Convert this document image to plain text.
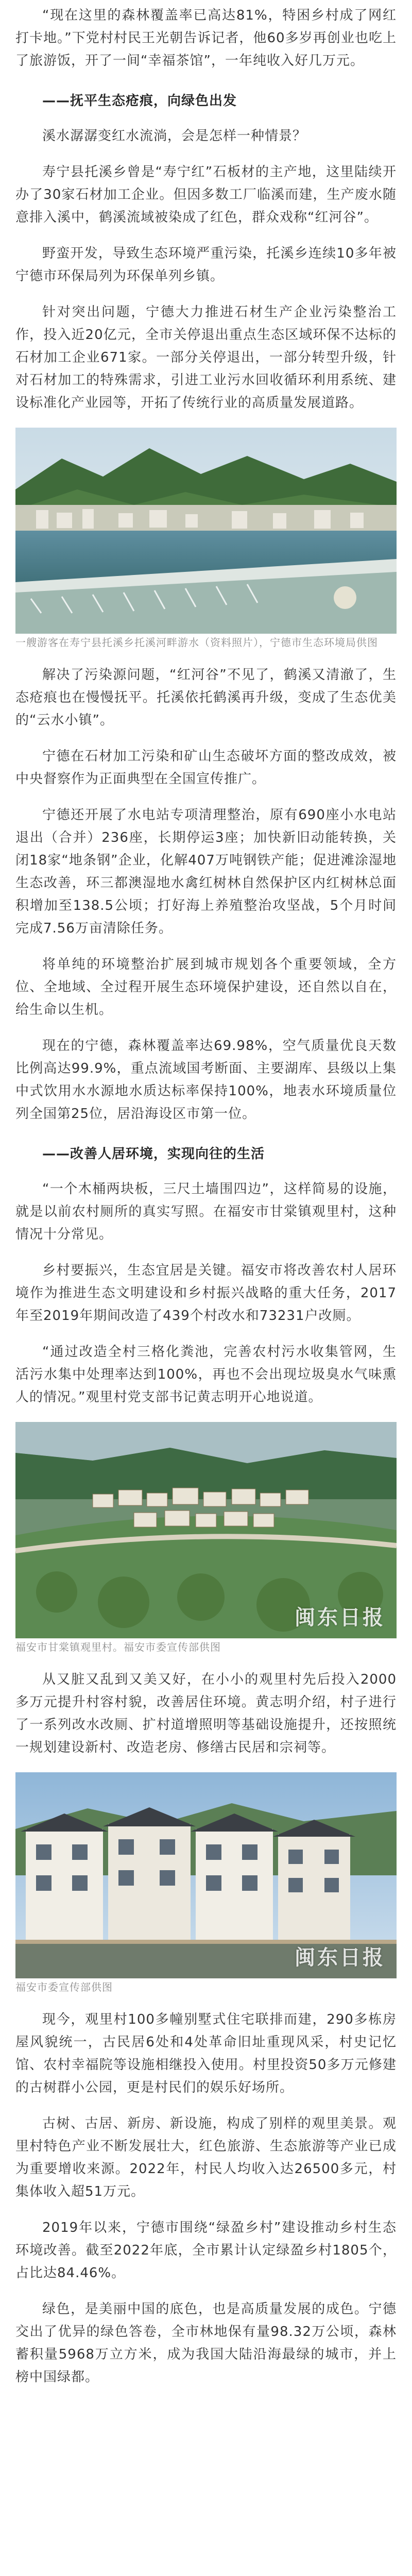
“现在这里的森林覆盖率已高达81%，特困乡村成了网红打卡地。”下党村村民王光朝告诉记者，他60多岁再创业也吃上了旅游饭，开了一间“幸福茶馆”，一年纯收入好几万元。

——抚平生态疮痕，向绿色出发

溪水潺潺变红水流淌，会是怎样一种情景？

寿宁县托溪乡曾是“寿宁红”石板材的主产地，这里陆续开办了30家石材加工企业。但因多数工厂临溪而建，生产废水随意排入溪中，鹤溪流域被染成了红色，群众戏称“红河谷”。

野蛮开发，导致生态环境严重污染，托溪乡连续10多年被宁德市环保局列为环保单列乡镇。

针对突出问题，宁德大力推进石材生产企业污染整治工作，投入近20亿元，全市关停退出重点生态区域环保不达标的石材加工企业671家。一部分关停退出，一部分转型升级，针对石材加工的特殊需求，引进工业污水回收循环利用系统、建设标准化产业园等，开拓了传统行业的高质量发展道路。

一艘游客在寿宁县托溪乡托溪河畔游水（资料照片），宁德市生态环境局供图

解决了污染源问题，“红河谷”不见了，鹤溪又清澈了，生态疮痕也在慢慢抚平。托溪依托鹤溪再升级，变成了生态优美的“云水小镇”。

宁德在石材加工污染和矿山生态破坏方面的整改成效，被中央督察作为正面典型在全国宣传推广。

宁德还开展了水电站专项清理整治，原有690座小水电站退出（合并）236座，长期停运3座；加快新旧动能转换，关闭18家“地条钢”企业，化解407万吨钢铁产能；促进滩涂湿地生态改善，环三都澳湿地水禽红树林自然保护区内红树林总面积增加至138.5公顷；打好海上养殖整治攻坚战，5个月时间完成7.56万亩清除任务。

将单纯的环境整治扩展到城市规划各个重要领域，全方位、全地域、全过程开展生态环境保护建设，还自然以自在，给生命以生机。

现在的宁德，森林覆盖率达69.98%，空气质量优良天数比例高达99.9%，重点流域国考断面、主要湖库、县级以上集中式饮用水水源地水质达标率保持100%，地表水环境质量位列全国第25位，居沿海设区市第一位。

——改善人居环境，实现向往的生活

“一个木桶两块板，三尺土墙围四边”，这样简易的设施，就是以前农村厕所的真实写照。在福安市甘棠镇观里村，这种情况十分常见。

乡村要振兴，生态宜居是关键。福安市将改善农村人居环境作为推进生态文明建设和乡村振兴战略的重大任务，2017年至2019年期间改造了439个村改水和73231户改厕。

“通过改造全村三格化粪池，完善农村污水收集管网，生活污水集中处理率达到100%，再也不会出现垃圾臭水气味熏人的情况。”观里村党支部书记黄志明开心地说道。

闽东日报

福安市甘棠镇观里村。福安市委宣传部供图

从又脏又乱到又美又好，在小小的观里村先后投入2000多万元提升村容村貌，改善居住环境。黄志明介绍，村子进行了一系列改水改厕、扩村道增照明等基础设施提升，还按照统一规划建设新村、改造老房、修缮古民居和宗祠等。

闽东日报

福安市委宣传部供图

现今，观里村100多幢别墅式住宅联排而建，290多栋房屋风貌统一，古民居6处和4处革命旧址重现风采，村史记忆馆、农村幸福院等设施相继投入使用。村里投资50多万元修建的古树群小公园，更是村民们的娱乐好场所。

古树、古居、新房、新设施，构成了别样的观里美景。观里村特色产业不断发展壮大，红色旅游、生态旅游等产业已成为重要增收来源。2022年，村民人均收入达26500多元，村集体收入超51万元。

2019年以来，宁德市围绕“绿盈乡村”建设推动乡村生态环境改善。截至2022年底，全市累计认定绿盈乡村1805个，占比达84.46%。

绿色，是美丽中国的底色，也是高质量发展的成色。宁德交出了优异的绿色答卷，全市林地保有量98.32万公顷，森林蓄积量5968万立方米，成为我国大陆沿海最绿的城市，并上榜中国绿都。
